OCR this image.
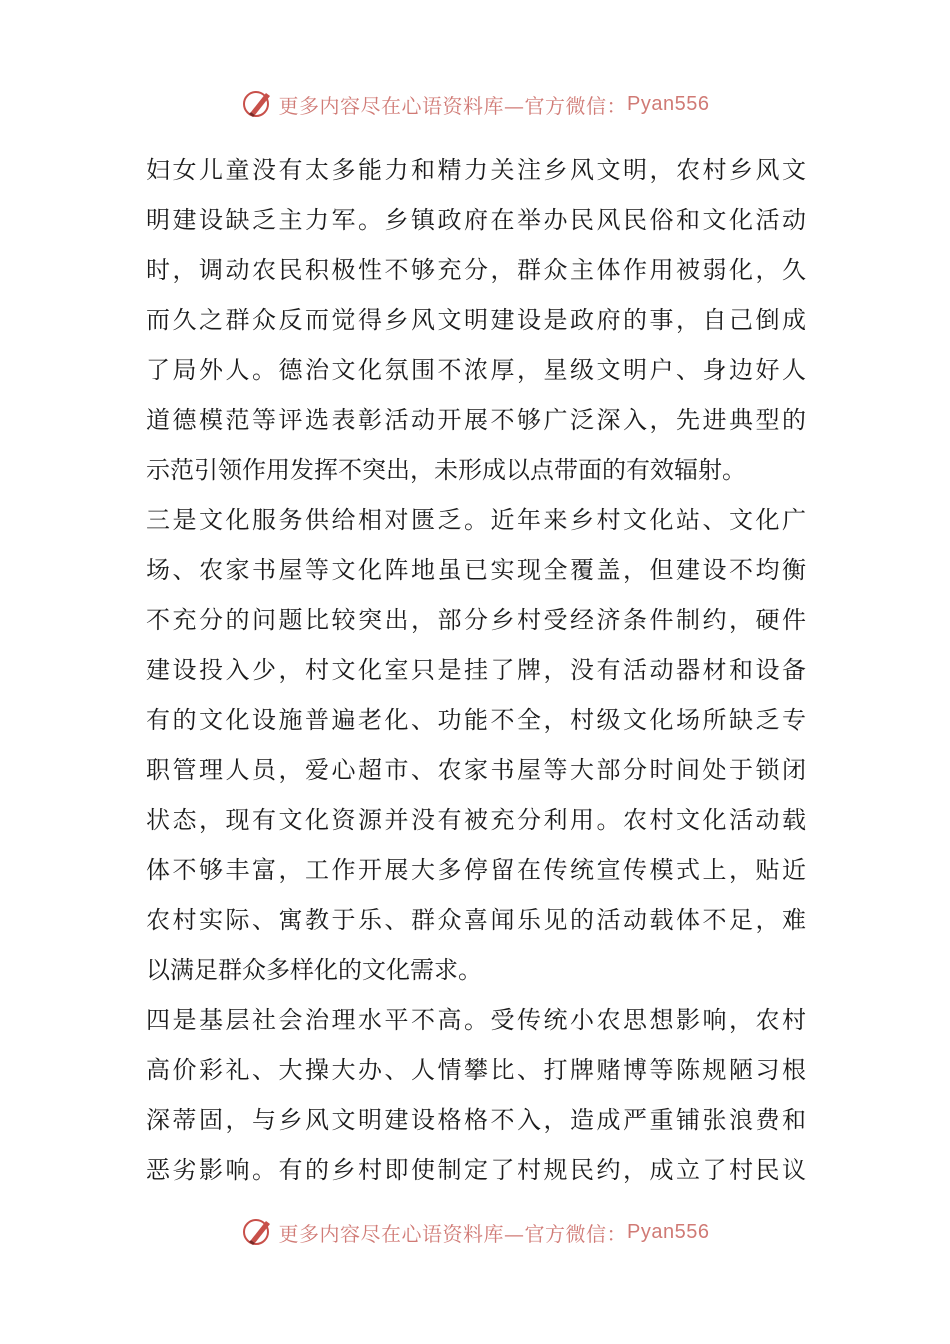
更多内容尽在心语资料库—官方微信： Pyan556
妇女儿童没有太多能力和精力关注乡风文明，农村乡风文
明建设缺乏主力军。乡镇政府在举办民风民俗和文化活动
时，调动农民积极性不够充分，群众主体作用被弱化，久
而久之群众反而觉得乡风文明建设是政府的事，自己倒成
了局外人。德治文化氛围不浓厚，星级文明户、身边好人
道德模范等评选表彰活动开展不够广泛深入，先进典型的
示范引领作用发挥不突出，未形成以点带面的有效辐射。
三是文化服务供给相对匮乏。近年来乡村文化站、文化广
场、农家书屋等文化阵地虽已实现全覆盖，但建设不均衡
不充分的问题比较突出，部分乡村受经济条件制约，硬件
建设投入少，村文化室只是挂了牌，没有活动器材和设备
有的文化设施普遍老化、功能不全，村级文化场所缺乏专
职管理人员，爱心超市、农家书屋等大部分时间处于锁闭
状态，现有文化资源并没有被充分利用。农村文化活动载
体不够丰富，工作开展大多停留在传统宣传模式上，贴近
农村实际、寓教于乐、群众喜闻乐见的活动载体不足，难
以满足群众多样化的文化需求。
四是基层社会治理水平不高。受传统小农思想影响，农村
高价彩礼、大操大办、人情攀比、打牌赌博等陈规陋习根
深蒂固，与乡风文明建设格格不入，造成严重铺张浪费和
恶劣影响。有的乡村即使制定了村规民约，成立了村民议
更多内容尽在心语资料库—官方微信： Pyan556
